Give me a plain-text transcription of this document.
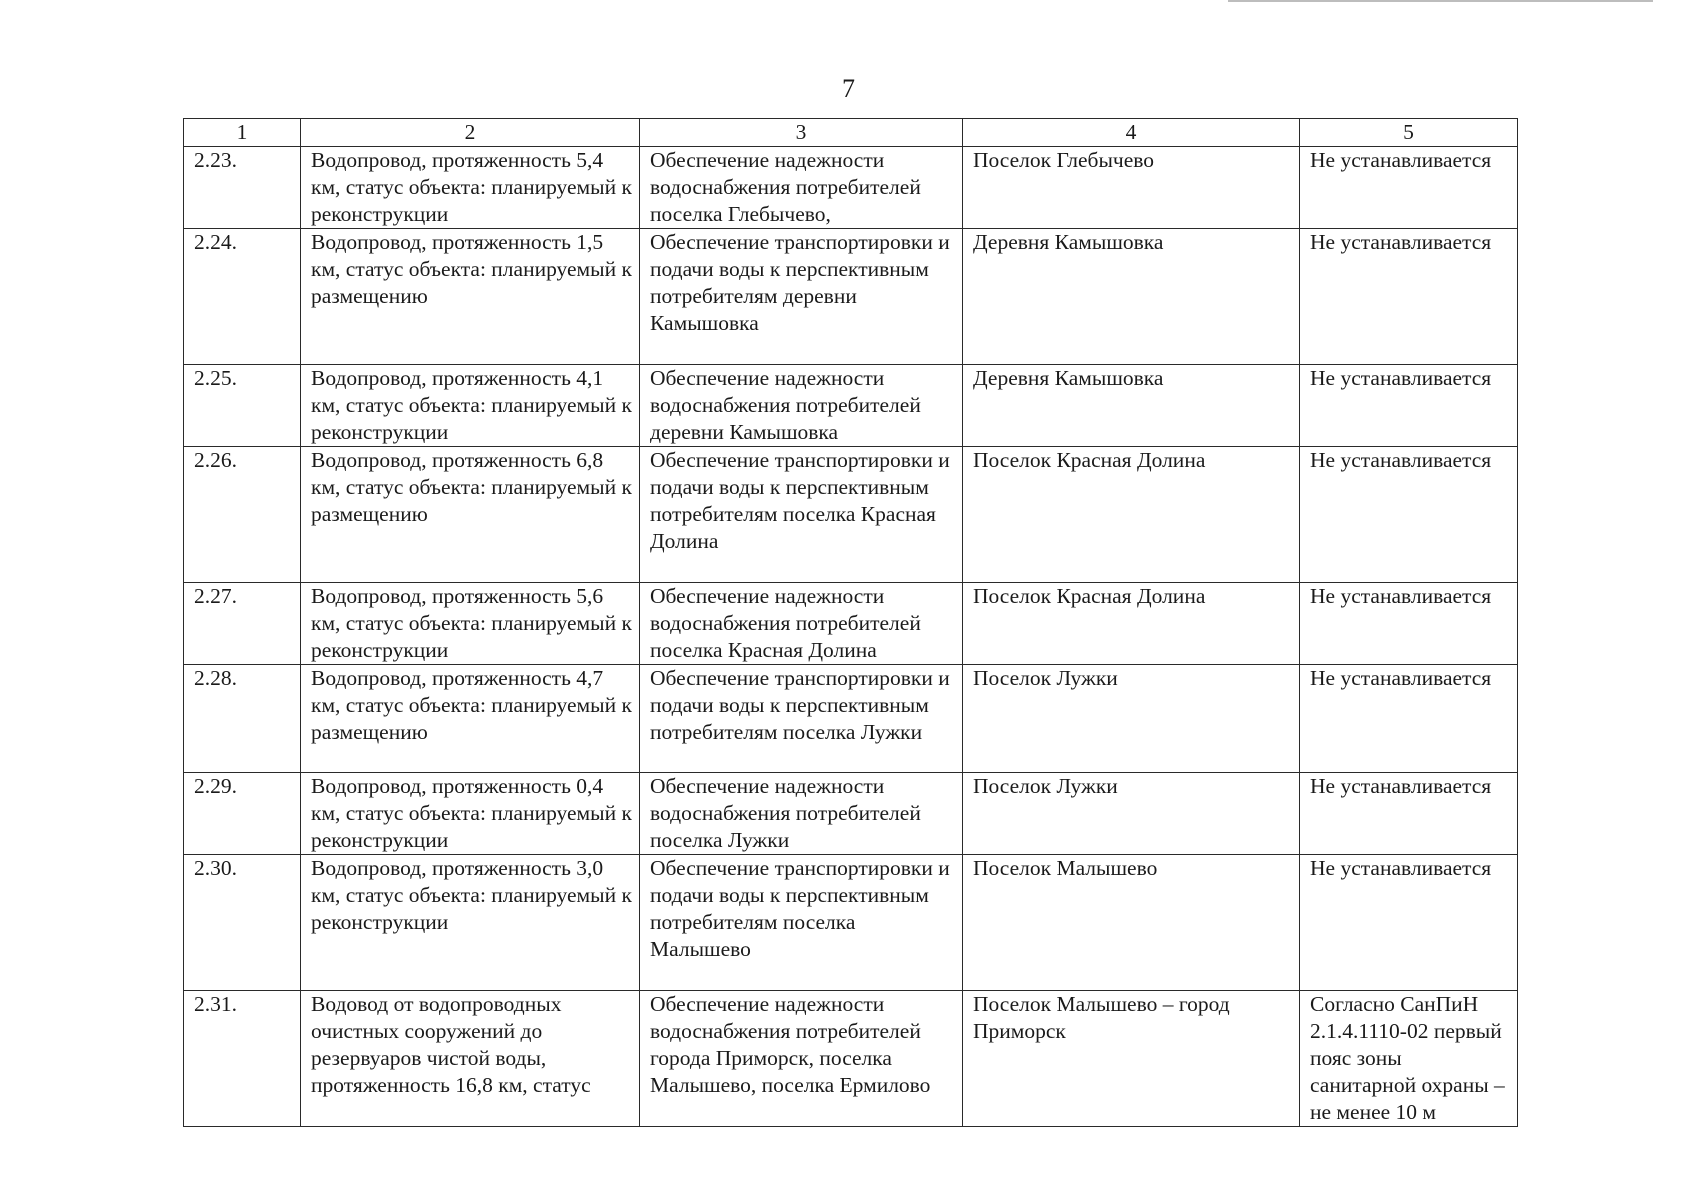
7
1	2	3	4	5
2.23.	Водопровод, протяженность 5,4 км, статус объекта: планируемый к реконструкции	Обеспечение надежности водоснабжения потребителей поселка Глебычево,	Поселок Глебычево	Не устанавливается
2.24.	Водопровод, протяженность 1,5 км, статус объекта: планируемый к размещению	Обеспечение транспортировки и подачи воды к перспективным потребителям деревни Камышовка	Деревня Камышовка	Не устанавливается
2.25.	Водопровод, протяженность 4,1 км, статус объекта: планируемый к реконструкции	Обеспечение надежности водоснабжения потребителей деревни Камышовка	Деревня Камышовка	Не устанавливается
2.26.	Водопровод, протяженность 6,8 км, статус объекта: планируемый к размещению	Обеспечение транспортировки и подачи воды к перспективным потребителям поселка Красная Долина	Поселок Красная Долина	Не устанавливается
2.27.	Водопровод, протяженность 5,6 км, статус объекта: планируемый к реконструкции	Обеспечение надежности водоснабжения потребителей поселка Красная Долина	Поселок Красная Долина	Не устанавливается
2.28.	Водопровод, протяженность 4,7 км, статус объекта: планируемый к размещению	Обеспечение транспортировки и подачи воды к перспективным потребителям поселка Лужки	Поселок Лужки	Не устанавливается
2.29.	Водопровод, протяженность 0,4 км, статус объекта: планируемый к реконструкции	Обеспечение надежности водоснабжения потребителей поселка Лужки	Поселок Лужки	Не устанавливается
2.30.	Водопровод, протяженность 3,0 км, статус объекта: планируемый к реконструкции	Обеспечение транспортировки и подачи воды к перспективным потребителям поселка Малышево	Поселок Малышево	Не устанавливается
2.31.	Водовод от водопроводных очистных сооружений до резервуаров чистой воды, протяженность 16,8 км, статус	Обеспечение надежности водоснабжения потребителей города Приморск, поселка Малышево, поселка Ермилово	Поселок Малышево – город Приморск	Согласно СанПиН 2.1.4.1110-02 первый пояс зоны санитарной охраны – не менее 10 м
